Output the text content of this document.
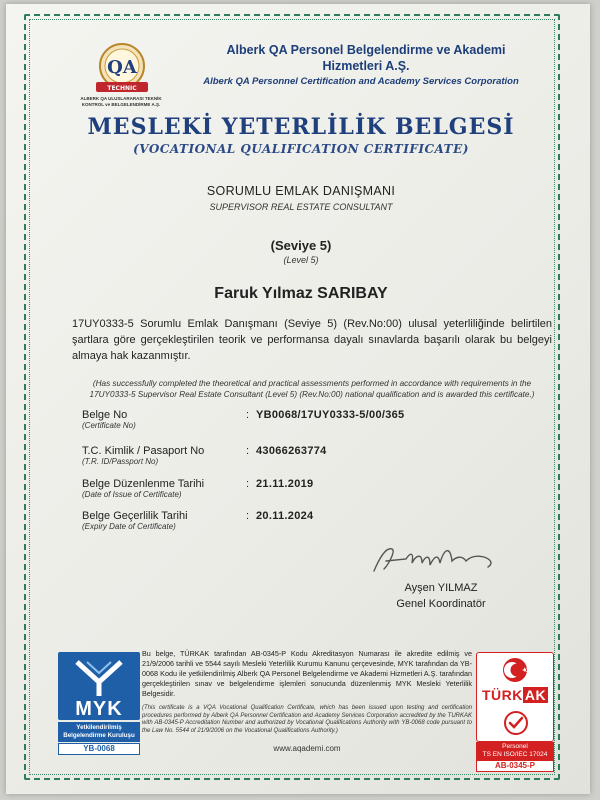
QA
TECHNIC
ALBERK QA ULUSLARARASI TEKNİK KONTROL ve BELGELENDİRME A.Ş.
Alberk QA Personel Belgelendirme ve Akademi Hizmetleri A.Ş.
Alberk QA Personnel Certification and Academy Services Corporation
MESLEKİ YETERLİLİK BELGESİ
(VOCATIONAL QUALIFICATION CERTIFICATE)
SORUMLU EMLAK DANIŞMANI
SUPERVISOR REAL ESTATE CONSULTANT
(Seviye 5)
(Level 5)
Faruk Yılmaz SARIBAY
17UY0333-5 Sorumlu Emlak Danışmanı (Seviye 5) (Rev.No:00) ulusal yeterliliğinde belirtilen şartlara göre gerçekleştirilen teorik ve performansa dayalı sınavlarda başarılı olarak bu belgeyi almaya hak kazanmıştır.
(Has successfully completed the theoretical and practical assessments performed in accordance with requirements in the 17UY0333-5 Supervisor Real Estate Consultant (Level 5) (Rev.No:00) national qualification and is awarded this certificate.)
Belge No
(Certificate No)
: YB0068/17UY0333-5/00/365
T.C. Kimlik / Pasaport No
(T.R. ID/Passport No)
: 43066263774
Belge Düzenlenme Tarihi
(Date of Issue of Certificate)
: 21.11.2019
Belge Geçerlilik Tarihi
(Expiry Date of Certificate)
: 20.11.2024
Ayşen YILMAZ
Genel Koordinatör
MYK
Yetkilendirilmiş Belgelendirme Kuruluşu
YB-0068
Bu belge, TÜRKAK tarafından AB-0345-P Kodu Akreditasyon Numarası ile akredite edilmiş ve 21/9/2006 tarihli ve 5544 sayılı Mesleki Yeterlilik Kurumu Kanunu çerçevesinde, MYK tarafından da YB-0068 Kodu ile yetkilendirilmiş Alberk QA Personel Belgelendirme ve Akademi Hizmetleri A.Ş. tarafından gerçekleştirilen sınav ve belgelendirme işlemleri sonucunda düzenlenmiş MYK Mesleki Yeterlilik Belgesidir.
(This certificate is a VQA Vocational Qualification Certificate, which has been issued upon testing and certification procedures performed by Alberk QA Personnel Certification and Academy Services Corporation accredited by the TURKAK with AB-0345-P Accreditation Number and authorized by Vocational Qualifications Authority with YB-0068 code pursuant to the Law No. 5544 of 21/9/2006 on the Vocational Qualifications Authority.)
www.aqademi.com
TÜRK AK
Personel
TS EN ISO/IEC 17024
AB-0345-P
